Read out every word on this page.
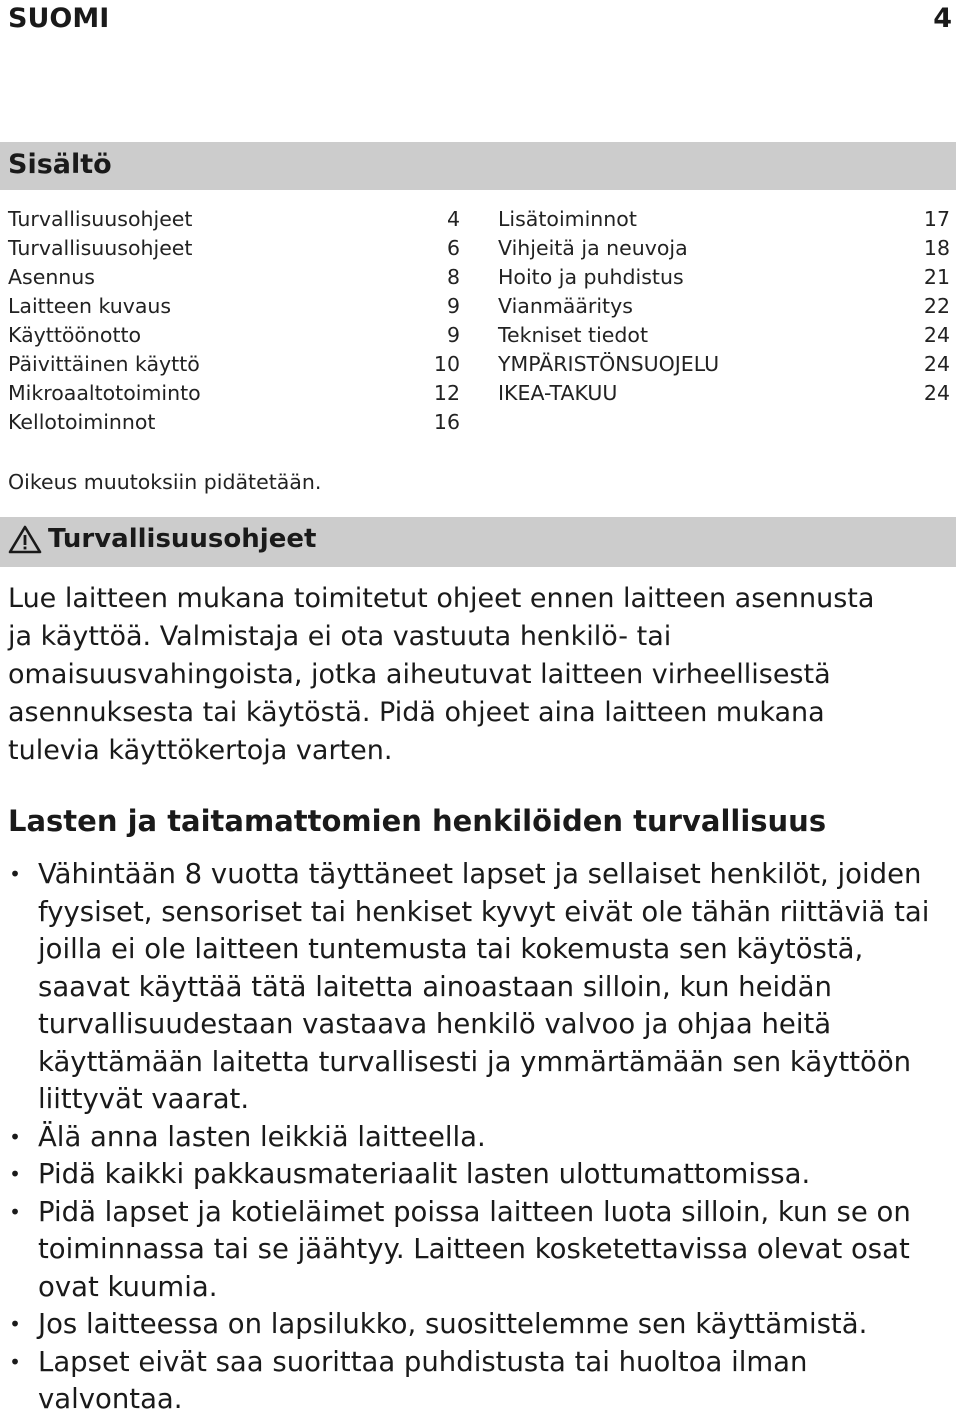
SUOMI	4
Sisältö
Turvallisuusohjeet	4
Turvallisuusohjeet	6
Asennus	8
Laitteen kuvaus	9
Käyttöönotto	9
Päivittäinen käyttö	10
Mikroaaltotoiminto	12
Kellotoiminnot	16
Lisätoiminnot	17
Vihjeitä ja neuvoja	18
Hoito ja puhdistus	21
Vianmääritys	22
Tekniset tiedot	24
YMPÄRISTÖNSUOJELU	24
IKEA-TAKUU	24
Oikeus muutoksiin pidätetään.
Turvallisuusohjeet

Lue laitteen mukana toimitetut ohjeet ennen laitteen asennusta

ja käyttöä. Valmistaja ei ota vastuuta henkilö- tai

omaisuusvahingoista, jotka aiheutuvat laitteen virheellisestä

asennuksesta tai käytöstä. Pidä ohjeet aina laitteen mukana

tulevia käyttökertoja varten.

Lasten ja taitamattomien henkilöiden turvallisuus
• Vähintään 8 vuotta täyttäneet lapset ja sellaiset henkilöt, joiden fyysiset, sensoriset tai henkiset kyvyt eivät ole tähän riittäviä tai joilla ei ole laitteen tuntemusta tai kokemusta sen käytöstä, saavat käyttää tätä laitetta ainoastaan silloin, kun heidän turvallisuudestaan vastaava henkilö valvoo ja ohjaa heitä käyttämään laitetta turvallisesti ja ymmärtämään sen käyttöön liittyvät vaarat.
• Älä anna lasten leikkiä laitteella.
• Pidä kaikki pakkausmateriaalit lasten ulottumattomissa.
• Pidä lapset ja kotieläimet poissa laitteen luota silloin, kun se on toiminnassa tai se jäähtyy. Laitteen kosketettavissa olevat osat ovat kuumia.
• Jos laitteessa on lapsilukko, suosittelemme sen käyttämistä.
• Lapset eivät saa suorittaa puhdistusta tai huoltoa ilman valvontaa.
